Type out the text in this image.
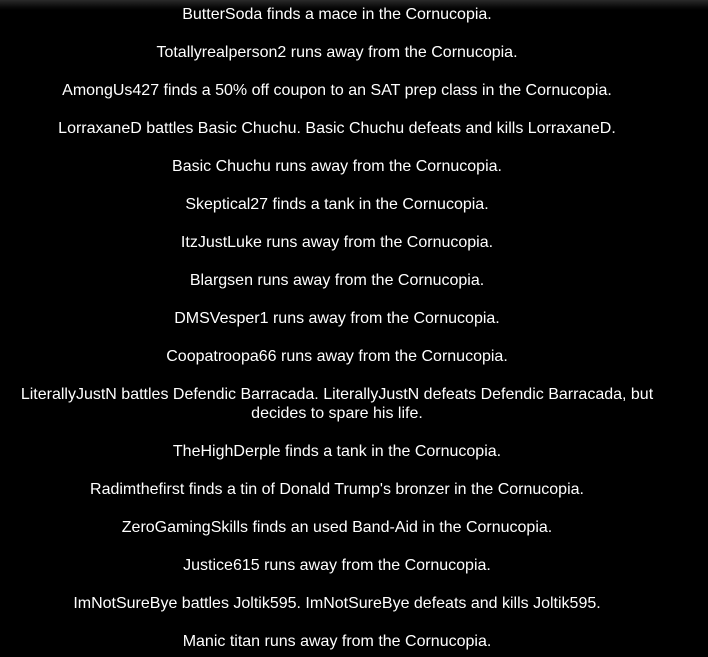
ButterSoda finds a mace in the Cornucopia.
Totallyrealperson2 runs away from the Cornucopia.
AmongUs427 finds a 50% off coupon to an SAT prep class in the Cornucopia.
LorraxaneD battles Basic Chuchu. Basic Chuchu defeats and kills LorraxaneD.
Basic Chuchu runs away from the Cornucopia.
Skeptical27 finds a tank in the Cornucopia.
ItzJustLuke runs away from the Cornucopia.
Blargsen runs away from the Cornucopia.
DMSVesper1 runs away from the Cornucopia.
Coopatroopa66 runs away from the Cornucopia.
LiterallyJustN battles Defendic Barracada. LiterallyJustN defeats Defendic Barracada, but decides to spare his life.
TheHighDerple finds a tank in the Cornucopia.
Radimthefirst finds a tin of Donald Trump's bronzer in the Cornucopia.
ZeroGamingSkills finds an used Band-Aid in the Cornucopia.
Justice615 runs away from the Cornucopia.
ImNotSureBye battles Joltik595. ImNotSureBye defeats and kills Joltik595.
Manic titan runs away from the Cornucopia.
